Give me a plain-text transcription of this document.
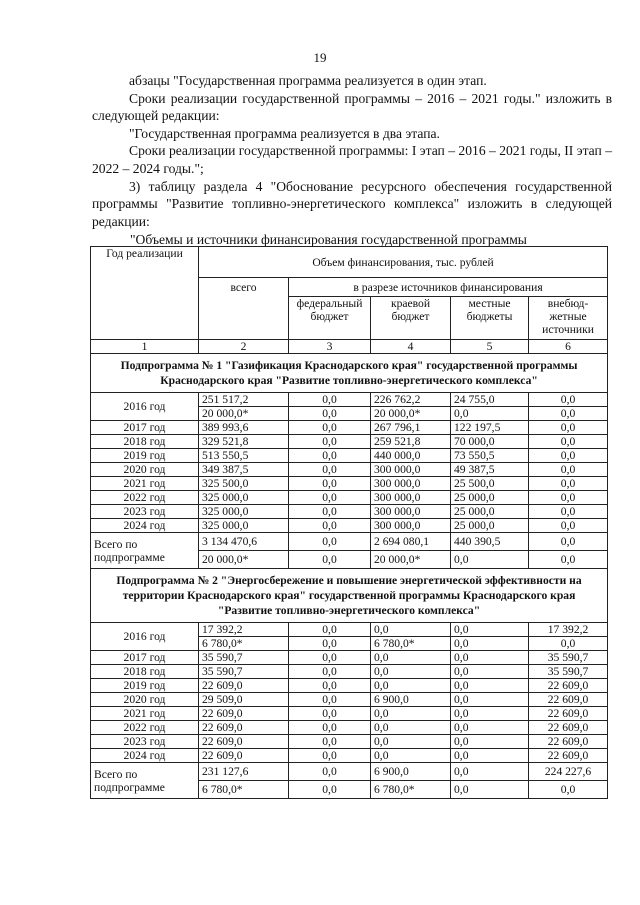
19

абзацы "Государственная программа реализуется в один этап.

Сроки реализации государственной программы – 2016 – 2021 годы." изложить в следующей редакции:

"Государственная программа реализуется в два этапа.

Сроки реализации государственной программы: I этап – 2016 – 2021 годы, II этап – 2022 – 2024 годы.";

3) таблицу раздела 4 "Обоснование ресурсного обеспечения государственной программы "Развитие топливно-энергетического комплекса" изложить в следующей редакции:

"Объемы и источники финансирования государственной программы
Год реализации	Объем финансирования, тыс. рублей				
	всего	в разрезе источников финансирования			
		федеральный бюджет	краевой бюджет	местные бюджеты	внебюд-жетные источники
1	2	3	4	5	6
Подпрограмма № 1 "Газификация Краснодарского края" государственной программы Краснодарского края "Развитие топливно-энергетического комплекса"					
2016 год	251 517,2	0,0	226 762,2	24 755,0	0,0
	20 000,0*	0,0	20 000,0*	0,0	0,0
2017 год	389 993,6	0,0	267 796,1	122 197,5	0,0
2018 год	329 521,8	0,0	259 521,8	70 000,0	0,0
2019 год	513 550,5	0,0	440 000,0	73 550,5	0,0
2020 год	349 387,5	0,0	300 000,0	49 387,5	0,0
2021 год	325 500,0	0,0	300 000,0	25 500,0	0,0
2022 год	325 000,0	0,0	300 000,0	25 000,0	0,0
2023 год	325 000,0	0,0	300 000,0	25 000,0	0,0
2024 год	325 000,0	0,0	300 000,0	25 000,0	0,0
Всего по подпрограмме	3 134 470,6	0,0	2 694 080,1	440 390,5	0,0
	20 000,0*	0,0	20 000,0*	0,0	0,0
Подпрограмма № 2 "Энергосбережение и повышение энергетической эффективности на территории Краснодарского края" государственной программы Краснодарского края "Развитие топливно-энергетического комплекса"					
2016 год	17 392,2	0,0	0,0	0,0	17 392,2
	6 780,0*	0,0	6 780,0*	0,0	0,0
2017 год	35 590,7	0,0	0,0	0,0	35 590,7
2018 год	35 590,7	0,0	0,0	0,0	35 590,7
2019 год	22 609,0	0,0	0,0	0,0	22 609,0
2020 год	29 509,0	0,0	6 900,0	0,0	22 609,0
2021 год	22 609,0	0,0	0,0	0,0	22 609,0
2022 год	22 609,0	0,0	0,0	0,0	22 609,0
2023 год	22 609,0	0,0	0,0	0,0	22 609,0
2024 год	22 609,0	0,0	0,0	0,0	22 609,0
Всего по подпрограмме	231 127,6	0,0	6 900,0	0,0	224 227,6
	6 780,0*	0,0	6 780,0*	0,0	0,0
